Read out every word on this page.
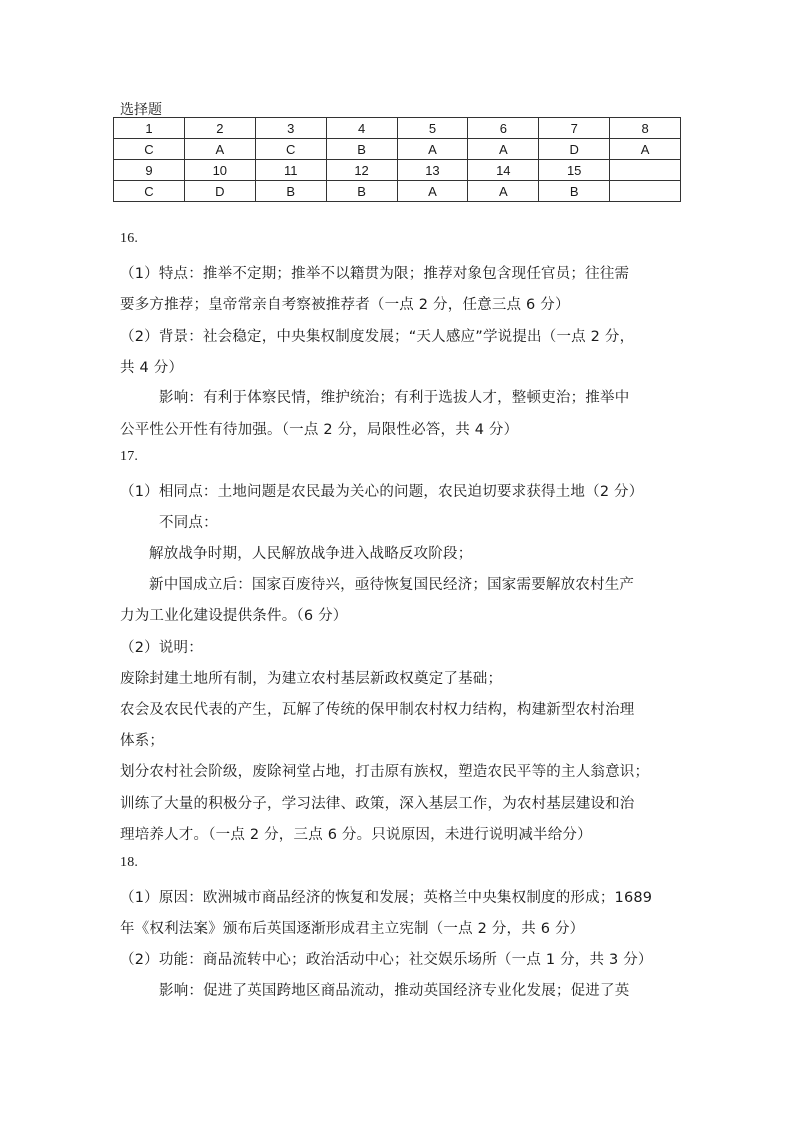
选择题
1	2	3	4	5	6	7	8
C	A	C	B	A	A	D	A
9	10	11	12	13	14	15	
C	D	B	B	A	A	B	
16.
（1）特点：推举不定期；推举不以籍贯为限；推荐对象包含现任官员；往往需
要多方推荐；皇帝常亲自考察被推荐者（一点 2 分，任意三点 6 分）
（2）背景：社会稳定，中央集权制度发展；“天人感应”学说提出（一点 2 分，
共 4 分）
影响：有利于体察民情，维护统治；有利于选拔人才，整顿吏治；推举中
公平性公开性有待加强。（一点 2 分，局限性必答，共 4 分）
17.
（1）相同点：土地问题是农民最为关心的问题，农民迫切要求获得土地（2 分）
不同点：
解放战争时期，人民解放战争进入战略反攻阶段；
新中国成立后：国家百废待兴，亟待恢复国民经济；国家需要解放农村生产
力为工业化建设提供条件。（6 分）
（2）说明：
废除封建土地所有制，为建立农村基层新政权奠定了基础；
农会及农民代表的产生，瓦解了传统的保甲制农村权力结构，构建新型农村治理
体系；
划分农村社会阶级，废除祠堂占地，打击原有族权，塑造农民平等的主人翁意识；
训练了大量的积极分子，学习法律、政策，深入基层工作，为农村基层建设和治
理培养人才。（一点 2 分，三点 6 分。只说原因，未进行说明减半给分）
18.
（1）原因：欧洲城市商品经济的恢复和发展；英格兰中央集权制度的形成；1689
年《权利法案》颁布后英国逐渐形成君主立宪制（一点 2 分，共 6 分）
（2）功能：商品流转中心；政治活动中心；社交娱乐场所（一点 1 分，共 3 分）
影响：促进了英国跨地区商品流动，推动英国经济专业化发展；促进了英
